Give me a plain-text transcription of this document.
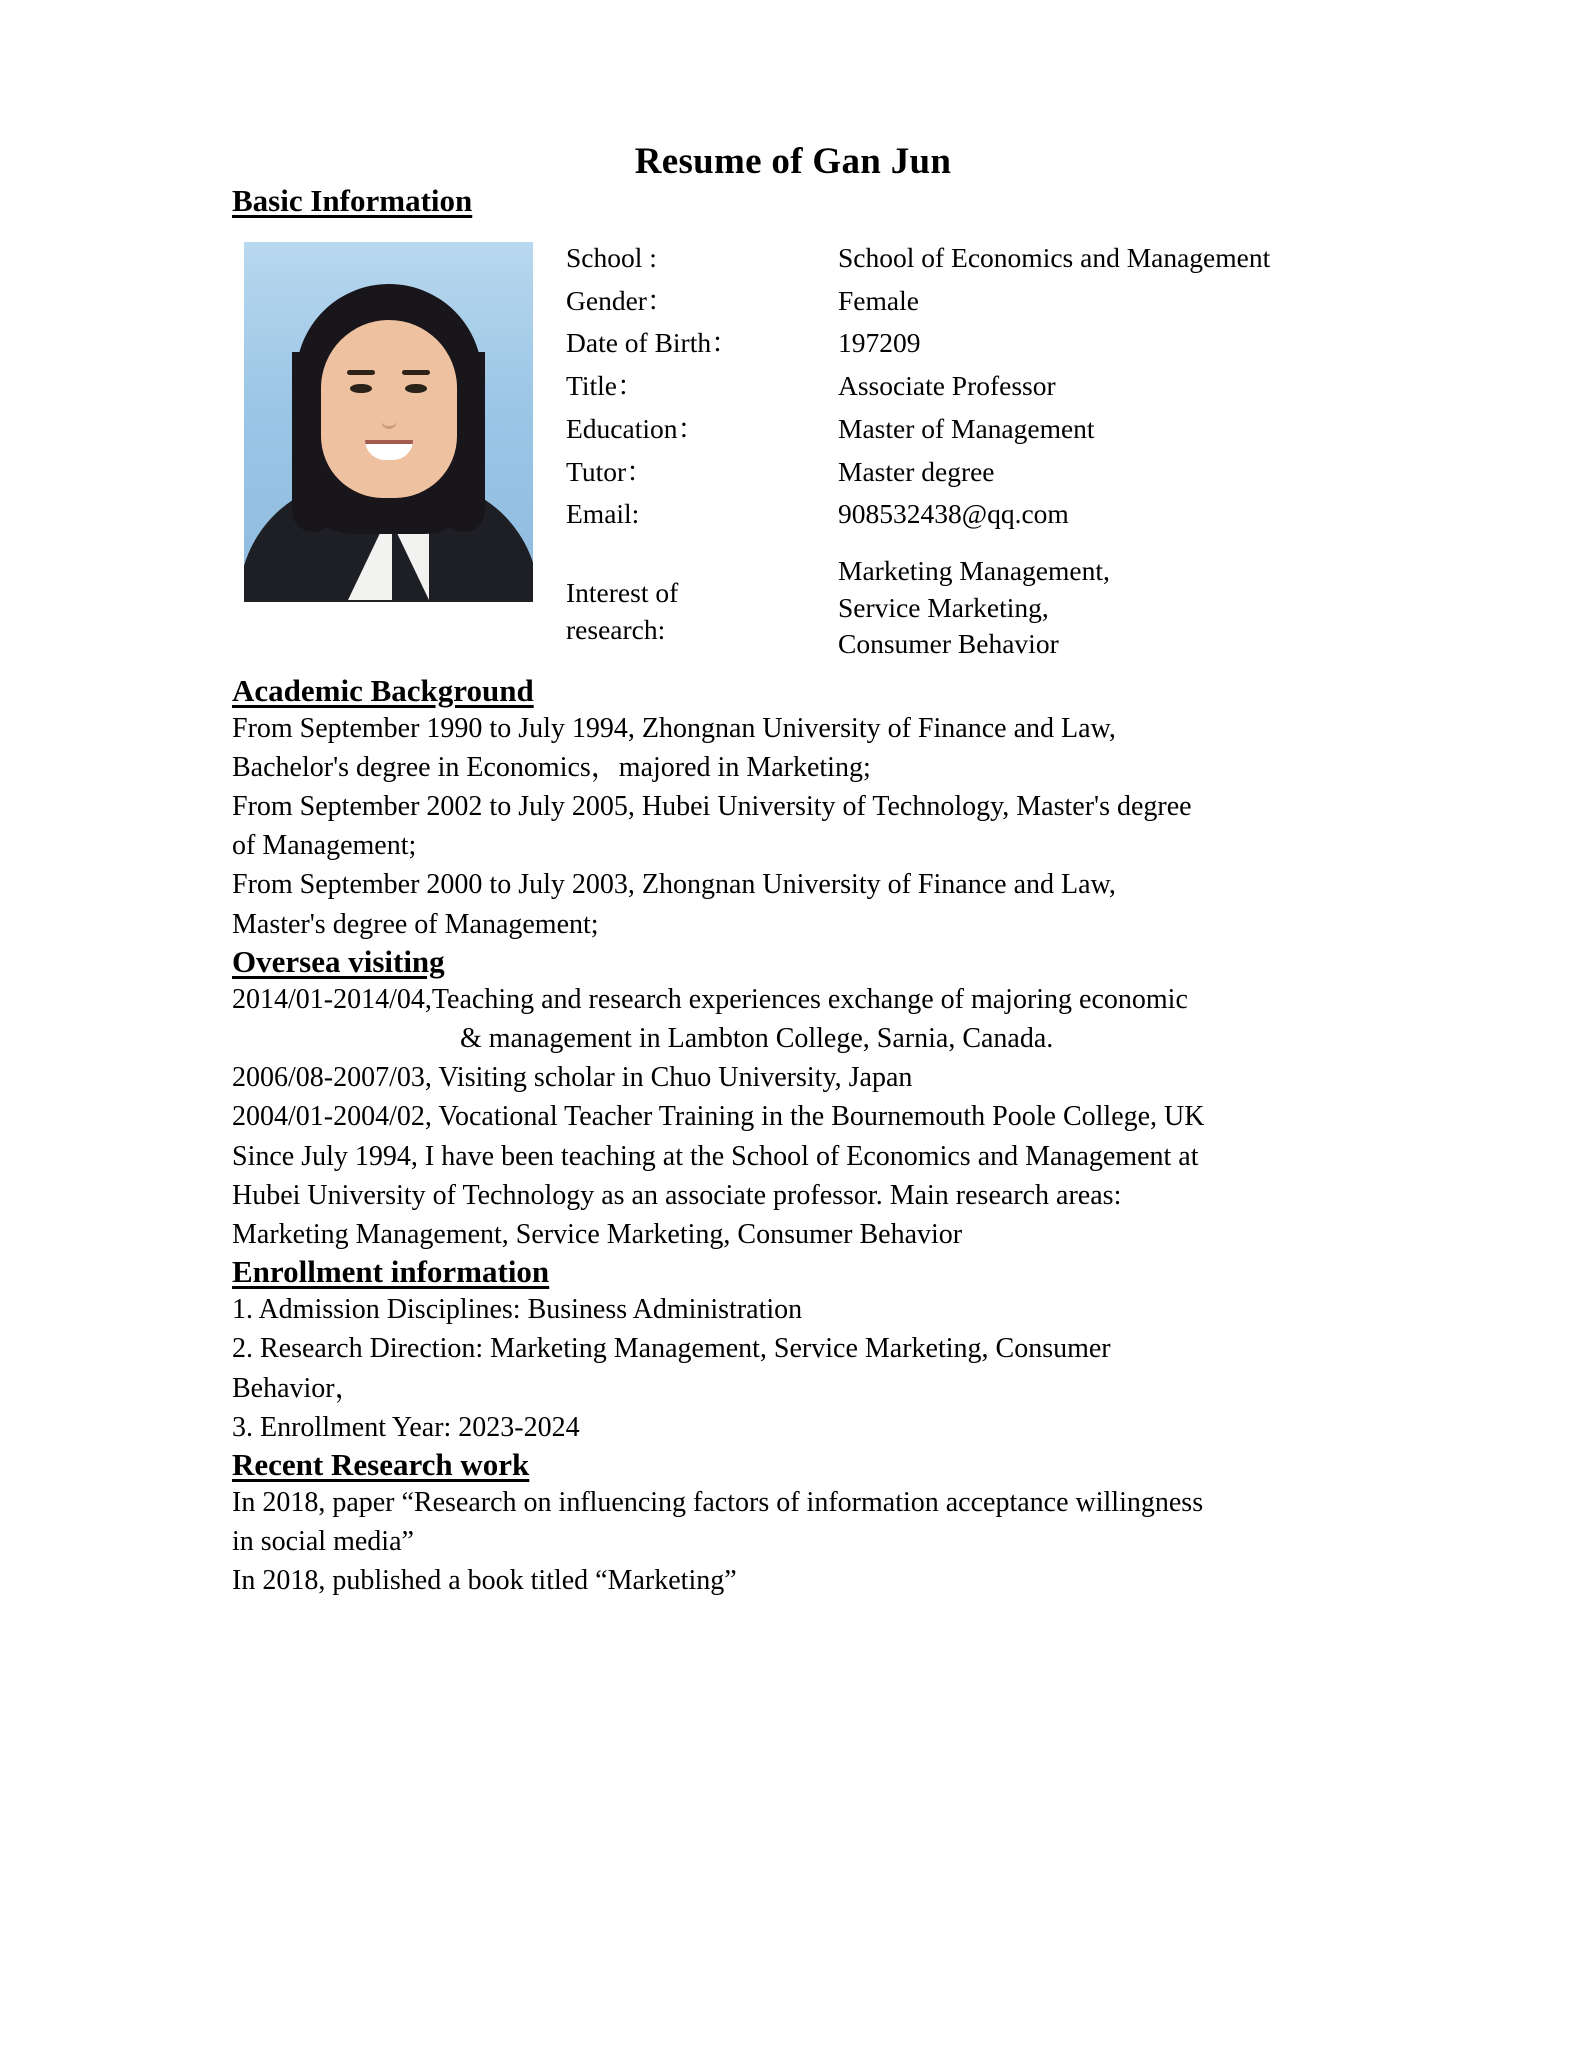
Resume of Gan Jun
Basic Information
School :	School of Economics and Management
Gender：	Female
Date of Birth：	197209
Title：	Associate Professor
Education：	Master of Management
Tutor：	Master degree
Email:	908532438@qq.com
Interest of
research:	Marketing Management,
Service Marketing,
Consumer Behavior
Academic Background

From September 1990 to July 1994, Zhongnan University of Finance and Law,
Bachelor's degree in Economics，majored in Marketing;
From September 2002 to July 2005, Hubei University of Technology, Master's degree
of Management;
From September 2000 to July 2003, Zhongnan University of Finance and Law,
Master's degree of Management;

Oversea visiting

2014/01-2014/04,Teaching and research experiences exchange of majoring economic

& management in Lambton College, Sarnia, Canada.
2006/08-2007/03, Visiting scholar in Chuo University, Japan
2004/01-2004/02, Vocational Teacher Training in the Bournemouth Poole College, UK

Since July 1994, I have been teaching at the School of Economics and Management at
Hubei University of Technology as an associate professor. Main research areas:
Marketing Management, Service Marketing, Consumer Behavior

Enrollment information

1. Admission Disciplines: Business Administration
2. Research Direction: Marketing Management, Service Marketing, Consumer
Behavior，
3. Enrollment Year: 2023-2024

Recent Research work

In 2018, paper “Research on influencing factors of information acceptance willingness
in social media”
In 2018, published a book titled “Marketing”
